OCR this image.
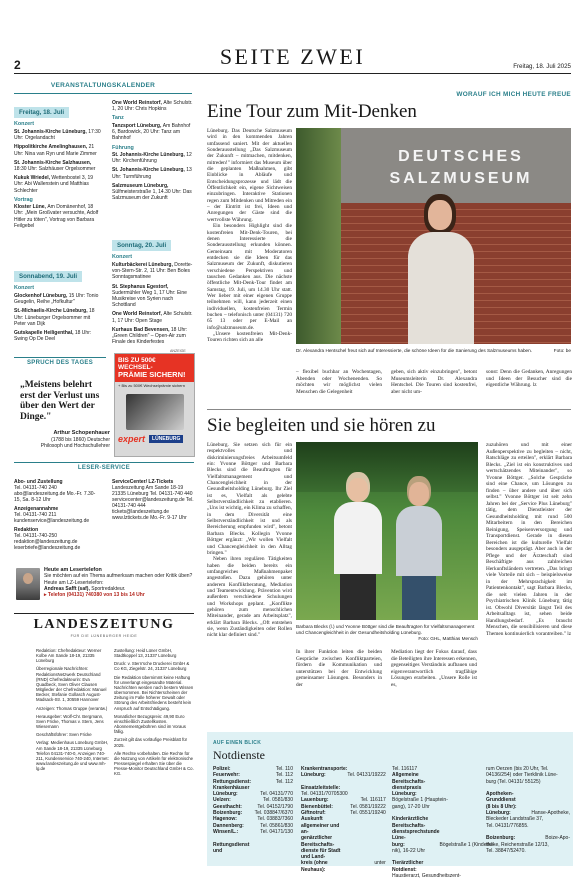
2	SEITE ZWEI	Freitag, 18. Juli 2025
VERANSTALTUNGSKALENDER
Freitag, 18. Juli
Konzert
St. Johannis-Kirche Lüneburg, 17:30 Uhr: Orgelandacht
Hippolitkirche Amelinghausen, 21 Uhr: Nina van Ryn und Marie Zimmer
St. Johannis-Kirche Salzhausen, 18:30 Uhr: Salzhäuser Orgelsommer
Kukuk Wriedel, Wettenbostel 3, 19 Uhr: Abi Wallenstein und Matthias Schlechter
Vortrag
Kloster Lüne, Am Domänenhof, 18 Uhr: „Mein Großvater versuchte, Adolf Hitler zu töten", Vortrag von Barbara Feilgebel
One World Reinstorf, Alte Schulstr. 1, 20 Uhr: Chris Hopkins
Tanz
Tanzsport Lüneburg, Am Bahnhof 6, Bardowick, 20 Uhr: Tanz am Bahnhof
Führung
St. Johannis-Kirche Lüneburg, 12 Uhr: Kirchenführung
St. Johannis-Kirche Lüneburg, 13 Uhr: Turmführung
Salzmuseum Lüneburg, Sülfmeisterstraße 1, 14.30 Uhr: Das Salzmuseum der Zukunft
Sonnabend, 19. Juli
Konzert
Glockenhof Lüneburg, 15 Uhr: Tonio Geugelin, Reihe „Hofkultur"
St.-Michaelis-Kirche Lüneburg, 18 Uhr: Lüneburger Orgelsommer mit Peter van Dijk
Gutskapelle Heiligenthal, 18 Uhr: Swing Op De Deel
Sonntag, 20. Juli
Konzert
Kulturbäckerei Lüneburg, Dorette-von-Stern-Str. 2, 11 Uhr: Ben Boles Sonntagsmatinee
St. Stephanus Egestorf, Sudermühler Weg 1, 17 Uhr: Eine Musikreise von Syrien nach Schottland
One World Reinstorf, Alte Schulstr. 1, 17 Uhr: Open Stage
Kurhaus Bad Bevensen, 18 Uhr: „Green Children" – Open-Air zum Finale des Kinderfestes
SPRUCH DES TAGES
„Meistens belehrt erst der Verlust uns über den Wert der Dinge."
Arthur Schopenhauer
(1788 bis 1860) Deutscher
Philosoph und Hochschullehrer
ANZEIGE
BIS ZU 500€ WECHSEL-
PRÄMIE SICHERN!
+ Bis zu 500€ Wechselprämie sichern
expert	LÜNEBURG
LESER-SERVICE
Abo- und Zustellung
Tel. 04131-740 240 abo@landeszeitung.de Mo.-Fr. 7.30-15, Sa. 8-12 Uhr
Anzeigenannahme
Tel. 04131-740 211 kundenservice@landeszeitung.de
Redaktion
Tel. 04131-740-250 redaktion@landeszeitung.de leserbriefe@landeszeitung.de
ServiceCenter/ LZ-Tickets
Landeszeitung Am Sande 18-19 21335 Lüneburg Tel. 04131-740 440 servicecenter@landeszeitung.de Tel. 04131-740 444 tickets@landeszeitung.de www.lztickets.de Mo.-Fr. 9-17 Uhr
Heute am Lesertelefon
Sie möchten auf ein Thema aufmerksam machen oder Kritik üben? Heute am LZ-Lesertelefon:
Andreas Safft (saf), Sportredakteur.
▸ Telefon (04131) 740380 von 13 bis 14 Uhr
LANDESZEITUNG
FÜR DIE LÜNEBURGER HEIDE
Redaktion: Chefredakteur: Werner Kolbe Am Sande 18-19, 21335 Lüneburg
Überregionale Nachrichten: RedaktionsNetzwerk Deutschland (RND) Chefredakteurin: Eva Quadbeck, Sven Oliver Clausen Mitglieder der Chefredaktion: Manuel Becker, Stefanie Gollasch August-Madsack-Str. 1, 30559 Hannover
Anzeigen: Thomas Gruppe (verantw.)
Herausgeber: Wolf-Chr. Bergmann, Sven Fricke, Thomas v. Stern, Jens Wiesemann
Geschäftsführer: Sven Fricke
Verlag: Medienhaus Lüneburg GmbH, Am Sande 18-19, 21335 Lüneburg Telefon 04131-740-0, Anzeigen 740-211, Kundenservice 740-240, Internet: www.landeszeitung.de und www.mh-lg.de
Zustellung: Heid Lüner GmbH, Stadtkoppel 13, 21337 Lüneburg
Druck: v. Stern'sche Druckerei GmbH & Co KG, Ziegelstr. 24, 21337 Lüneburg
Die Redaktion übernimmt keine Haftung für unverlangt eingesandte Material. Nachrichten werden nach bestem Wissen übernommen. Bei Nichterscheinen der Zeitung im Falle höherer Gewalt oder Störung des Arbeitsfriedens besteht kein Anspruch auf Entschädigung.
Monatlicher Bezugspreis: 49,90 Euro einschließlich Zustellkosten. Abonnementgebühren sind im Voraus fällig.
Zurzeit gilt das vorläufige Preisblatt für 2025.
Alle Rechte vorbehalten. Die Rechte für die Nutzung von Artikeln für elektronische Pressespiegel erhalten Sie über die Presse-Monitor Deutschland GmbH & Co. KG.
WORAUF ICH MICH HEUTE FREUE
Eine Tour zum Mit-Denken

Lüneburg. Das Deutsche Salzmuseum wird in den kommenden Jahren umfassend saniert. Mit der aktuellen Sonderausstellung „Das Salzmuseum der Zukunft – mitmachen, mitdenken, mitreden!" informiert das Museum über die geplanten Maßnahmen, gibt Einblicke in Abläufe und Entscheidungsprozesse und lädt die Öffentlichkeit ein, eigene Sichtweisen einzubringen. Interaktive Stationen regen zum Mitdenken und Mitreden ein – der Eintritt ist frei, Ideen und Anregungen der Gäste sind die wertvollste Währung.

Ein besonders Highlight sind die kostenfreien Mit-Denk-Touren, bei denen Interessierte die Sonderausstellung erkunden können. Gemeinsam mit Moderatoren entdecken sie die Ideen für das Salzmuseum der Zukunft, diskutieren verschiedene Perspektiven und tauschen Gedanken aus. Die nächste öffentliche Mit-Denk-Tour findet am Samstag, 19. Juli, um 14.30 Uhr statt. Wer lieber mit einer eigenen Gruppe teilnehmen will, kann jederzeit einen individuellen, kostenfreien Termin buchen – telefonisch unter (04131) 720 65 13 oder per E-Mail an info@salzmuseum.de.

„Unsere kostenfreien Mit-Denk-Touren richten sich an alle

DEUTSCHES SALZMUSEUM
Dr. Alexandra Hentschel freut sich auf Interessierte, die schöne Ideen für die Sanierung des Salzmuseums haben.	Foto: be
– flexibel buchbar an Wochentagen, Abenden oder Wochenenden. So möchten wir möglichst vielen Menschen die Gelegenheit
geben, sich aktiv einzubringen", betont Museumsleiterin Dr. Alexandra Hentschel. Die Touren sind kostenfrei, aber nicht um-
sonst: Denn die Gedanken, Anregungen und Ideen der Besucher sind die eigentliche Währung. lz
Sie begleiten und sie hören zu

Lüneburg. Sie setzen sich für ein respektvolles und diskriminierungsfreies Arbeitsumfeld ein: Yvonne Böttger und Barbara Blecks sind die Beauftragten für Vielfaltsmanagement und Chancengleichheit in der Gesundheitsholding Lüneburg. Ihr Ziel ist es, Vielfalt als gelebte Selbstverständlichkeit zu etablieren. „Uns ist wichtig, ein Klima zu schaffen, in dem Diversität eine Selbstverständlichkeit ist und als Bereicherung empfunden wird", betont Barbara Blecks. Kollegin Yvonne Böttger ergänzt: „Wir wollen Vielfalt und Chancengleichheit in den Alltag bringen."

Neben ihren regulären Tätigkeiten haben die beiden bereits ein umfangreiches Maßnahmenpaket angestoßen. Dazu gehören unter anderem Konfliktberatung, Mediation und Teamentwicklung. Prävention wird außerdem verschiedene Schulungen und Workshops geplant. „Konflikte gehören zum menschlichen Miteinander, gerade am Arbeitsplatz", erklärt Barbara Blecks. „Oft entstehen sie, wenn Zuständigkeiten oder Rollen nicht klar definiert sind."

Barbara Blecks (l.) und Yvonne Böttger sind die Beauftragten für Vielfaltsmanagement und Chancengleichheit in der Gesundheitsholding Lüneburg.
Foto: GHL, Matthias Mensch
In ihrer Funktion leiten die beiden Gespräche zwischen Konfliktparteien, fördern die Kommunikation und unterstützen bei der Entwicklung gemeinsamer Lösungen. Besonders in der
Mediation liegt der Fokus darauf, dass die Beteiligten ihre Interessen erkennen, gegenseitiges Verständnis aufbauen und eigenverantwortlich tragfähige Lösungen erarbeiten. „Unsere Rolle ist es,
zuzuhören und mit einer Außenperspektive zu begleiten – nicht, Ratschläge zu erteilen", erklärt Barbara Blecks. „Ziel ist ein konstruktives und wertschätzendes Miteinander", so Yvonne Böttger. „Solche Gespräche sind eine Chance, um Lösungen zu finden – über andere und über sich selbst." Yvonne Böttger ist seit zehn Jahren bei der „Service Plus Lüneburg" tätig, dem Dienstleister der Gesundheitsholding mit rund 500 Mitarbeitern in den Bereichen Reinigung, Speisenversorgung und Transportdienst. Gerade in diesen Bereichen ist die kulturelle Vielfalt besonders ausgeprägt. Aber auch in der Pflege und der Ärzteschaft sind Beschäftigte aus zahlreichen Herkunftsländern vertreten. „Das bringt viele Vorteile mit sich – beispielsweise in der Mehrsprachigkeit im Patientenkontakt", sagt Barbara Blecks, die seit vielen Jahren in der Psychiatrischen Klinik Lüneburg tätig ist. Obwohl Diversität längst Teil des Arbeitsalltags ist, sehen beide Handlungsbedarf. „Es braucht Menschen, die sensibilisieren und diese Themen kontinuierlich vorantreiben." lz
AUF EINEN BLICK
Notdienste
Polizei:	Tel. 110
Feuerwehr:	Tel. 112
Rettungsdienst:	Tel. 112
Krankenhäuser	
Lüneburg:	Tel. 04131/770
Uelzen:	Tel. 0581/830
Geesthacht:	Tel. 04152/1790
Boizenburg:	Tel. 038847/6370
Hagenow:	Tel. 03883/7360
Dannenberg:	Tel. 05861/830
Winsen/L.:	Tel. 04171/130

Rettungsdienst und	
Krankentransporte:	
Lüneburg:	Tel. 04131/19222

Einsatzleitstelle:	
Tel. 04131/70705300	
Lauenburg:	Tel. 116117
Bienenbüttel:	Tel. 0581/19222
Giftnotruf:	Tel. 0551/19240
Auskunft allgemeiner und an-	
genärztlicher Bereitschafts-	
dienste für Stadt und Land-	
kreis (ohne Neuhaus):	unter
Tel. 116117	
Allgemeine Bereitschafts-	
dienstpraxis Lüneburg:	
Bögelstraße 1 (Hauptein-	
gang), 17-20 Uhr	

Kinderärztliche Bereitschafts-	
dienstsprechstunde Lüne-	
burg:	Bögelstraße 1 (Kinderkli-
nik), 16-22 Uhr	

Tierärztlicher Notdienst:	
Haustierarzt, Gesundheitszent-	
rum Oerzen (bis 20 Uhr, Tel.	
04136/254) oder Tierklinik Lüne-	
burg (Tel. 04131/ 55125)	

Apotheken-Grunddienst	
(8 bis 8 Uhr):	
Lüneburg:	Hanse-Apotheke,
Bleckeder Landstraße 37,	
Tel. 04131/776855.	

Boizenburg:	Boize-Apo-
theke, Reichenstraße 12/13,	
Tel. 38847/52470.	
